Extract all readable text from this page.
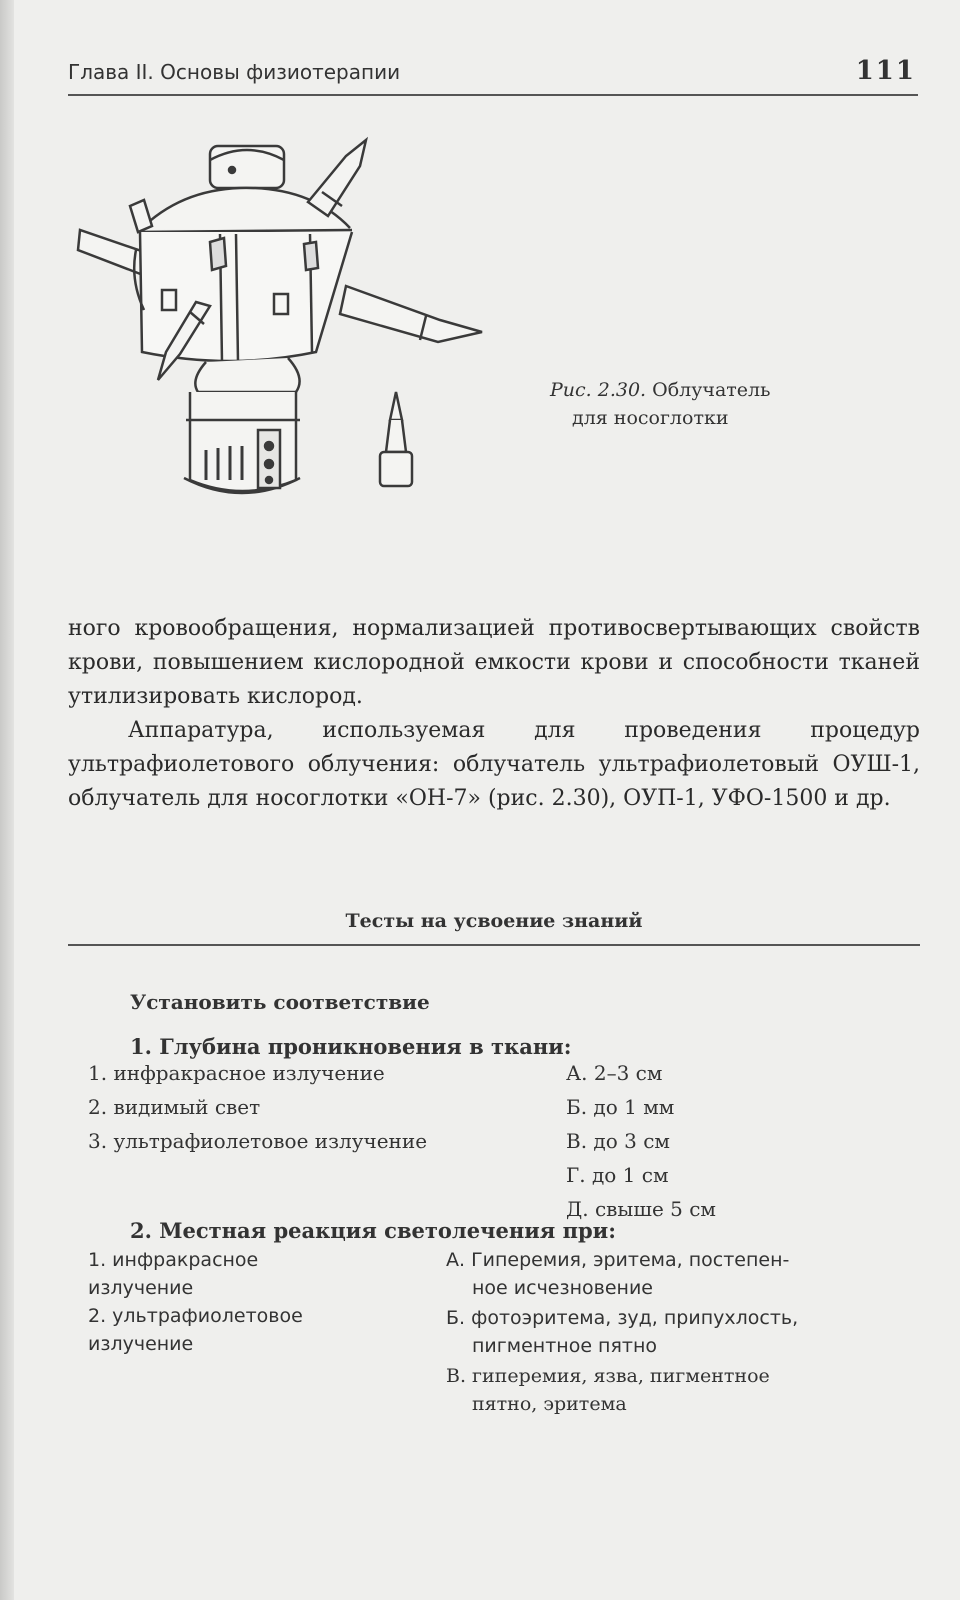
Глава II. Основы физиотерапии	111
Рис. 2.30. Облучатель
для носоглотки

ного кровообращения, нормализацией противосвертывающих свойств крови, повышением кислородной емкости крови и способности тканей утилизировать кислород.

Аппаратура, используемая для проведения процедур ультрафиолетового облучения: облучатель ультрафиолетовый ОУШ-1, облучатель для носоглотки «ОН-7» (рис. 2.30), ОУП-1, УФО-1500 и др.

Тесты на усвоение знаний
Установить соответствие
1. Глубина проникновения в ткани:
1. инфракрасное излучение
2. видимый свет
3. ультрафиолетовое излучение
А. 2–3 см
Б. до 1 мм
В. до 3 см
Г. до 1 см
Д. свыше 5 см
2. Местная реакция светолечения при:
1. инфракрасное
излучение
2. ультрафиолетовое
излучение
А. Гиперемия, эритема, постепен-
ное исчезновение
Б. фотоэритема, зуд, припухлость,
пигментное пятно
В. гиперемия, язва, пигментное
пятно, эритема
